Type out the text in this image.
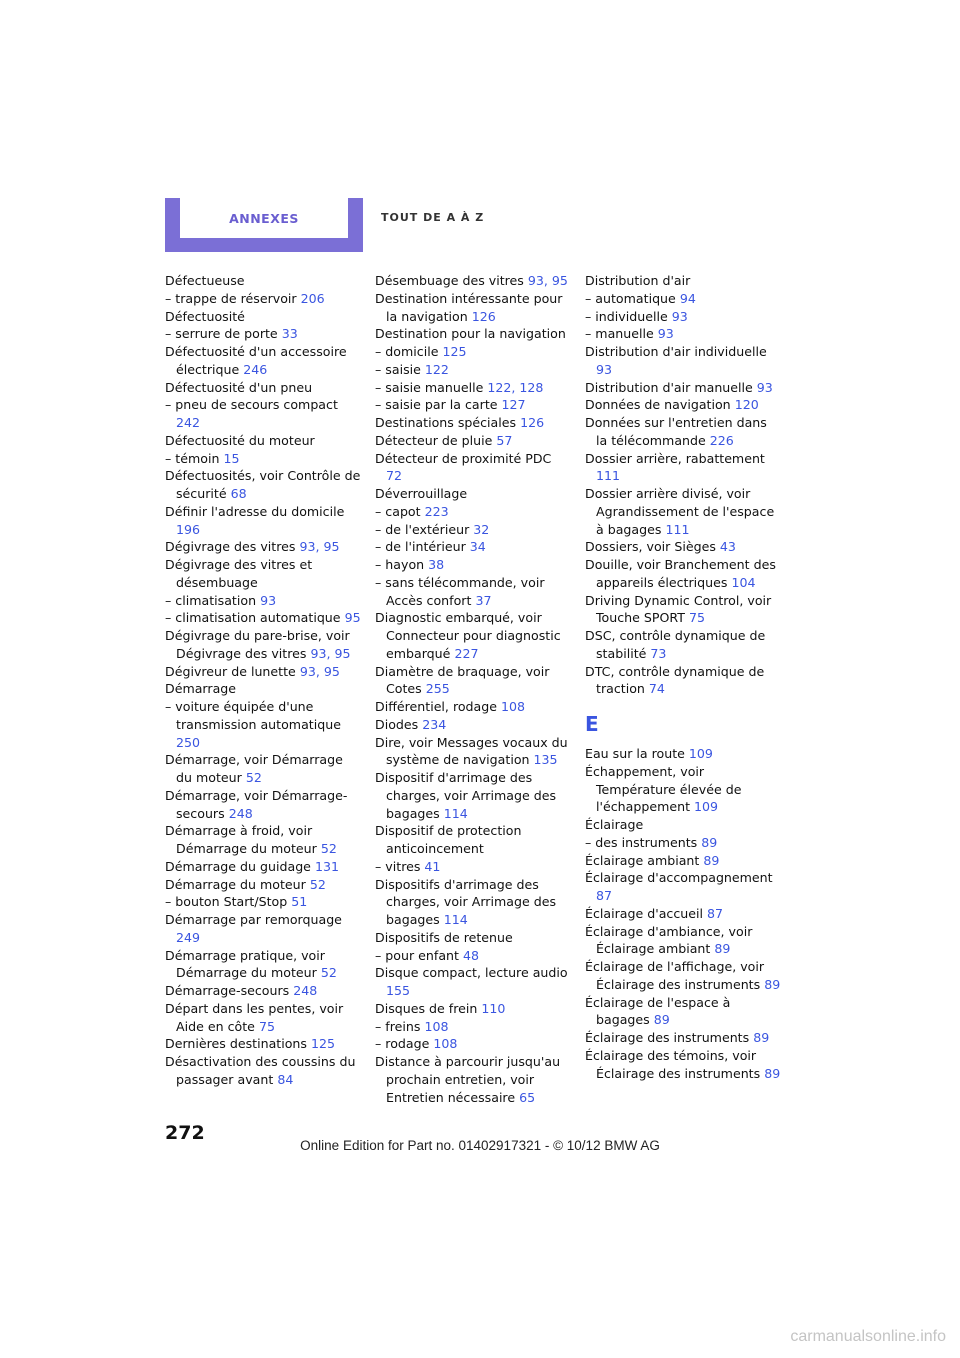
ANNEXES	TOUT DE A À Z
Défectueuse
– trappe de réservoir 206
Défectuosité
– serrure de porte 33
Défectuosité d'un accessoire électrique 246
Défectuosité d'un pneu
– pneu de secours compact 242
Défectuosité du moteur
– témoin 15
Défectuosités, voir Contrôle de sécurité 68
Définir l'adresse du domicile 196
Dégivrage des vitres 93, 95
Dégivrage des vitres et désembuage
– climatisation 93
– climatisation automatique 95
Dégivrage du pare-brise, voir Dégivrage des vitres 93, 95
Dégivreur de lunette 93, 95
Démarrage
– voiture équipée d'une transmission automatique 250
Démarrage, voir Démarrage du moteur 52
Démarrage, voir Démarrage-secours 248
Démarrage à froid, voir Démarrage du moteur 52
Démarrage du guidage 131
Démarrage du moteur 52
– bouton Start/Stop 51
Démarrage par remorquage 249
Démarrage pratique, voir Démarrage du moteur 52
Démarrage-secours 248
Départ dans les pentes, voir Aide en côte 75
Dernières destinations 125
Désactivation des coussins du passager avant 84
Désembuage des vitres 93, 95
Destination intéressante pour la navigation 126
Destination pour la navigation
– domicile 125
– saisie 122
– saisie manuelle 122, 128
– saisie par la carte 127
Destinations spéciales 126
Détecteur de pluie 57
Détecteur de proximité PDC 72
Déverrouillage
– capot 223
– de l'extérieur 32
– de l'intérieur 34
– hayon 38
– sans télécommande, voir Accès confort 37
Diagnostic embarqué, voir Connecteur pour diagnostic embarqué 227
Diamètre de braquage, voir Cotes 255
Différentiel, rodage 108
Diodes 234
Dire, voir Messages vocaux du système de navigation 135
Dispositif d'arrimage des charges, voir Arrimage des bagages 114
Dispositif de protection anticoincement
– vitres 41
Dispositifs d'arrimage des charges, voir Arrimage des bagages 114
Dispositifs de retenue
– pour enfant 48
Disque compact, lecture audio 155
Disques de frein 110
– freins 108
– rodage 108
Distance à parcourir jusqu'au prochain entretien, voir Entretien nécessaire 65
Distribution d'air
– automatique 94
– individuelle 93
– manuelle 93
Distribution d'air individuelle 93
Distribution d'air manuelle 93
Données de navigation 120
Données sur l'entretien dans la télécommande 226
Dossier arrière, rabattement 111
Dossier arrière divisé, voir Agrandissement de l'espace à bagages 111
Dossiers, voir Sièges 43
Douille, voir Branchement des appareils électriques 104
Driving Dynamic Control, voir Touche SPORT 75
DSC, contrôle dynamique de stabilité 73
DTC, contrôle dynamique de traction 74
E
Eau sur la route 109
Échappement, voir Température élevée de l'échappement 109
Éclairage
– des instruments 89
Éclairage ambiant 89
Éclairage d'accompagnement 87
Éclairage d'accueil 87
Éclairage d'ambiance, voir Éclairage ambiant 89
Éclairage de l'affichage, voir Éclairage des instruments 89
Éclairage de l'espace à bagages 89
Éclairage des instruments 89
Éclairage des témoins, voir Éclairage des instruments 89
272
Online Edition for Part no. 01402917321 - © 10/12 BMW AG
carmanualsonline.info
